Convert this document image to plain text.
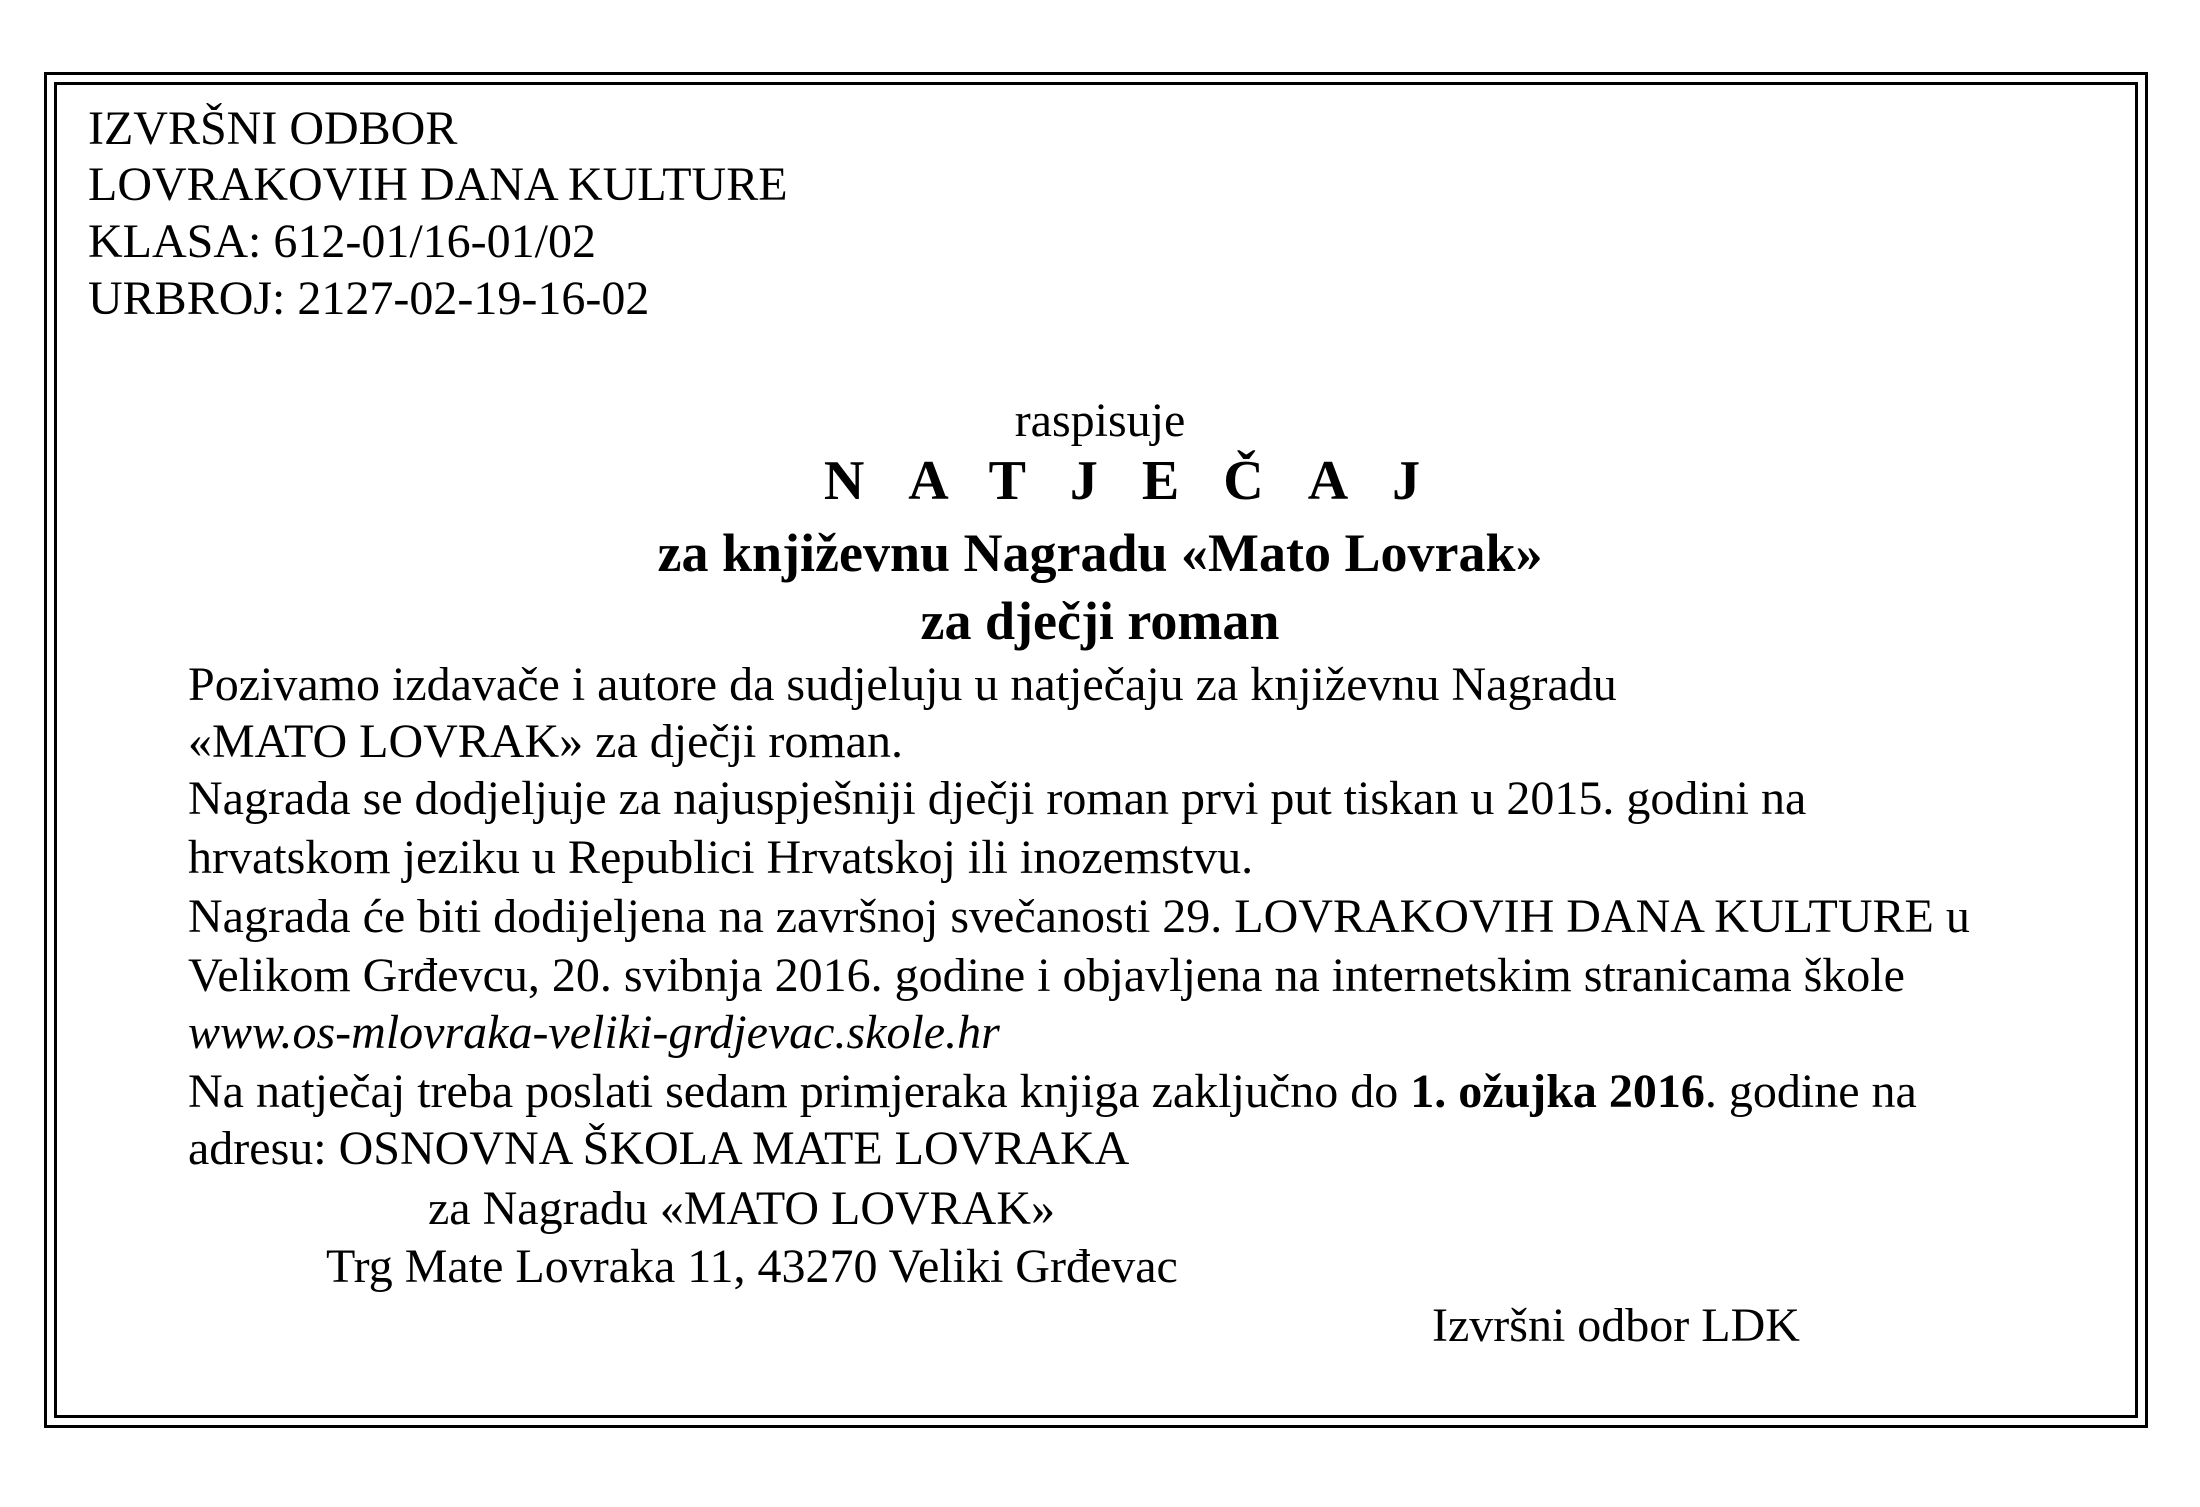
IZVRŠNI ODBOR
LOVRAKOVIH DANA KULTURE
KLASA: 612-01/16-01/02
URBROJ: 2127-02-19-16-02
raspisuje
NATJEČAJ
za književnu Nagradu «Mato Lovrak»
za dječji roman
Pozivamo izdavače i autore da sudjeluju u natječaju za književnu Nagradu
«MATO LOVRAK» za dječji roman.
Nagrada se dodjeljuje za najuspješniji dječji roman prvi put tiskan u 2015. godini na
hrvatskom jeziku u Republici Hrvatskoj ili inozemstvu.
Nagrada će biti dodijeljena na završnoj svečanosti 29. LOVRAKOVIH DANA KULTURE u
Velikom Grđevcu, 20. svibnja 2016. godine i objavljena na internetskim stranicama škole
www.os-mlovraka-veliki-grdjevac.skole.hr
Na natječaj treba poslati sedam primjeraka knjiga zaključno do 1. ožujka 2016. godine na
adresu: OSNOVNA ŠKOLA MATE LOVRAKA
za Nagradu «MATO LOVRAK»
Trg Mate Lovraka 11, 43270 Veliki Grđevac
Izvršni odbor LDK
